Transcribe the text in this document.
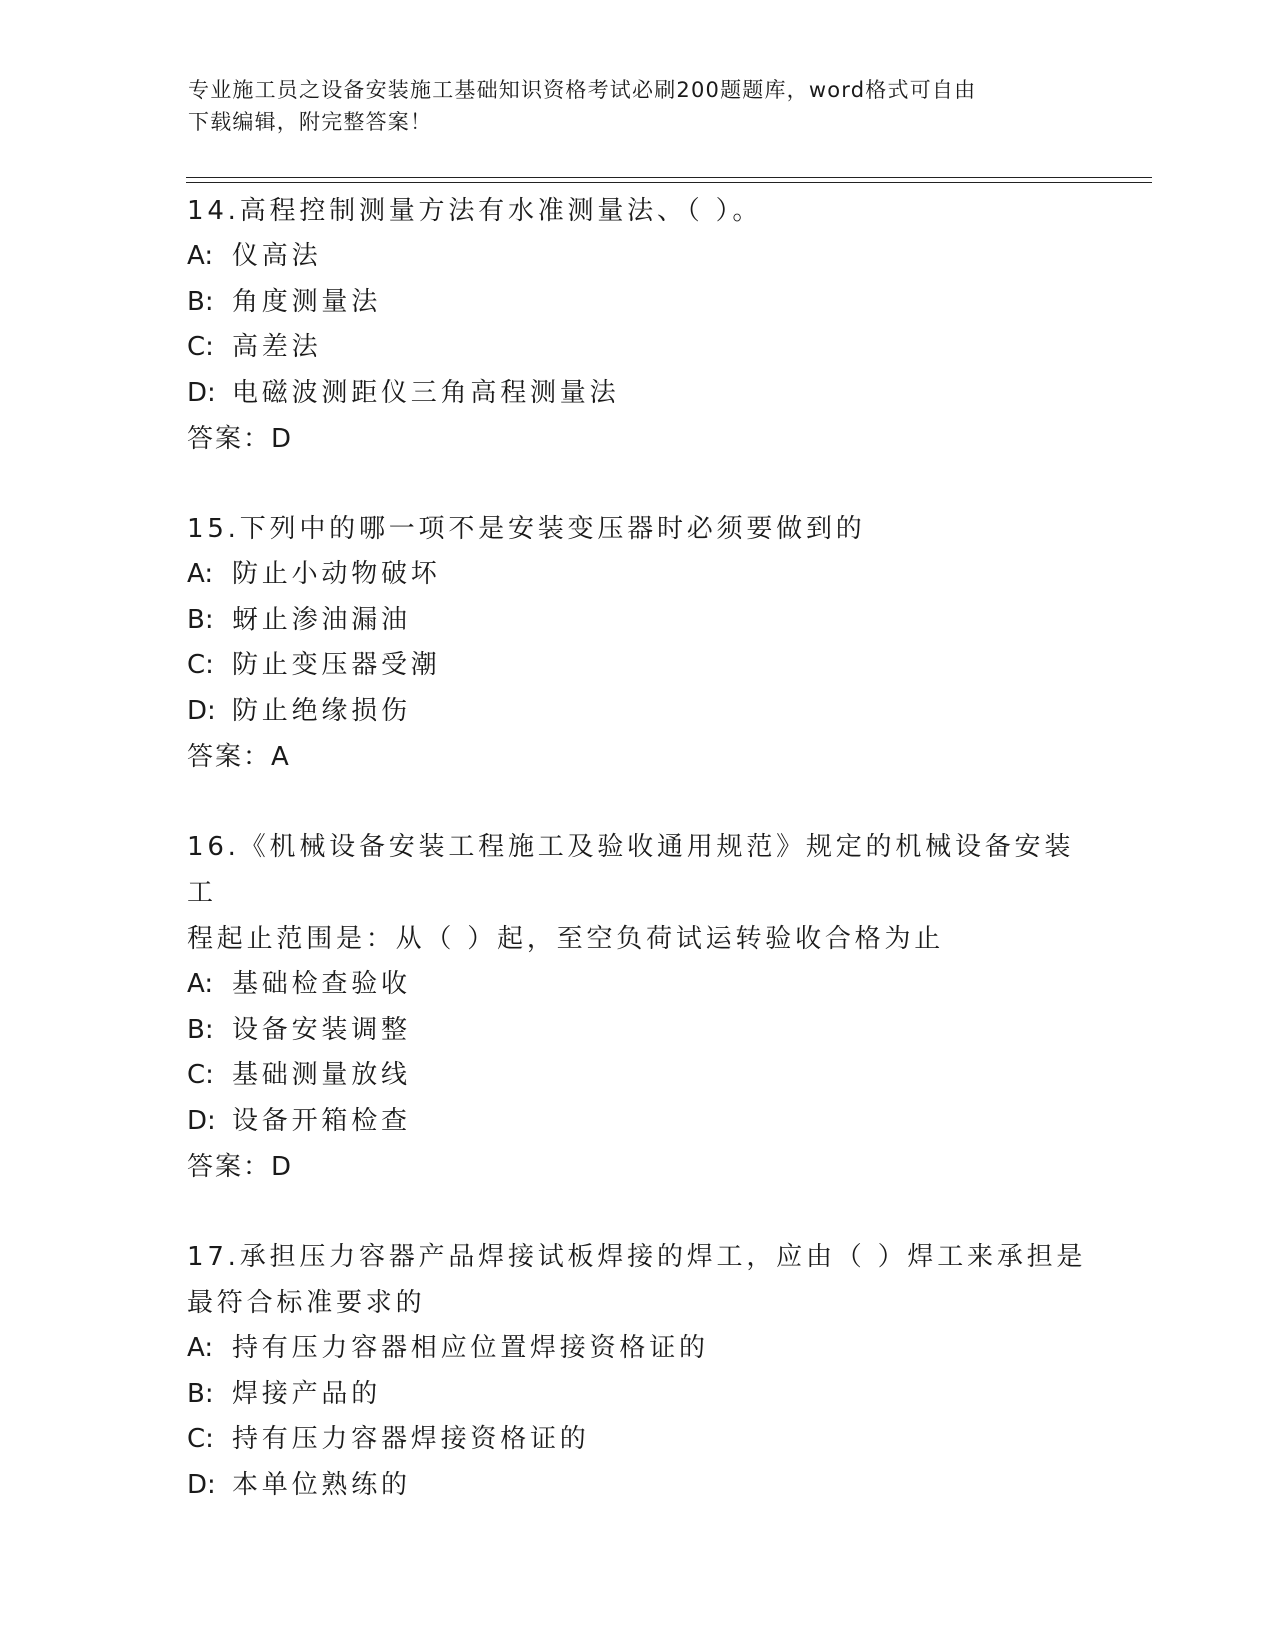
专业施工员之设备安装施工基础知识资格考试必刷200题题库，word格式可自由
下载编辑，附完整答案！

14.高程控制测量方法有水准测量法、（ ）。

A: 仪高法

B: 角度测量法

C: 高差法

D: 电磁波测距仪三角高程测量法

答案：D

15.下列中的哪一项不是安装变压器时必须要做到的

A: 防止小动物破坏

B: 蚜止渗油漏油

C: 防止变压器受潮

D: 防止绝缘损伤

答案：A

16.《机械设备安装工程施工及验收通用规范》规定的机械设备安装工

程起止范围是：从（ ）起，至空负荷试运转验收合格为止

A: 基础检查验收

B: 设备安装调整

C: 基础测量放线

D: 设备开箱检查

答案：D

17.承担压力容器产品焊接试板焊接的焊工，应由（ ）焊工来承担是

最符合标准要求的

A: 持有压力容器相应位置焊接资格证的

B: 焊接产品的

C: 持有压力容器焊接资格证的

D: 本单位熟练的
